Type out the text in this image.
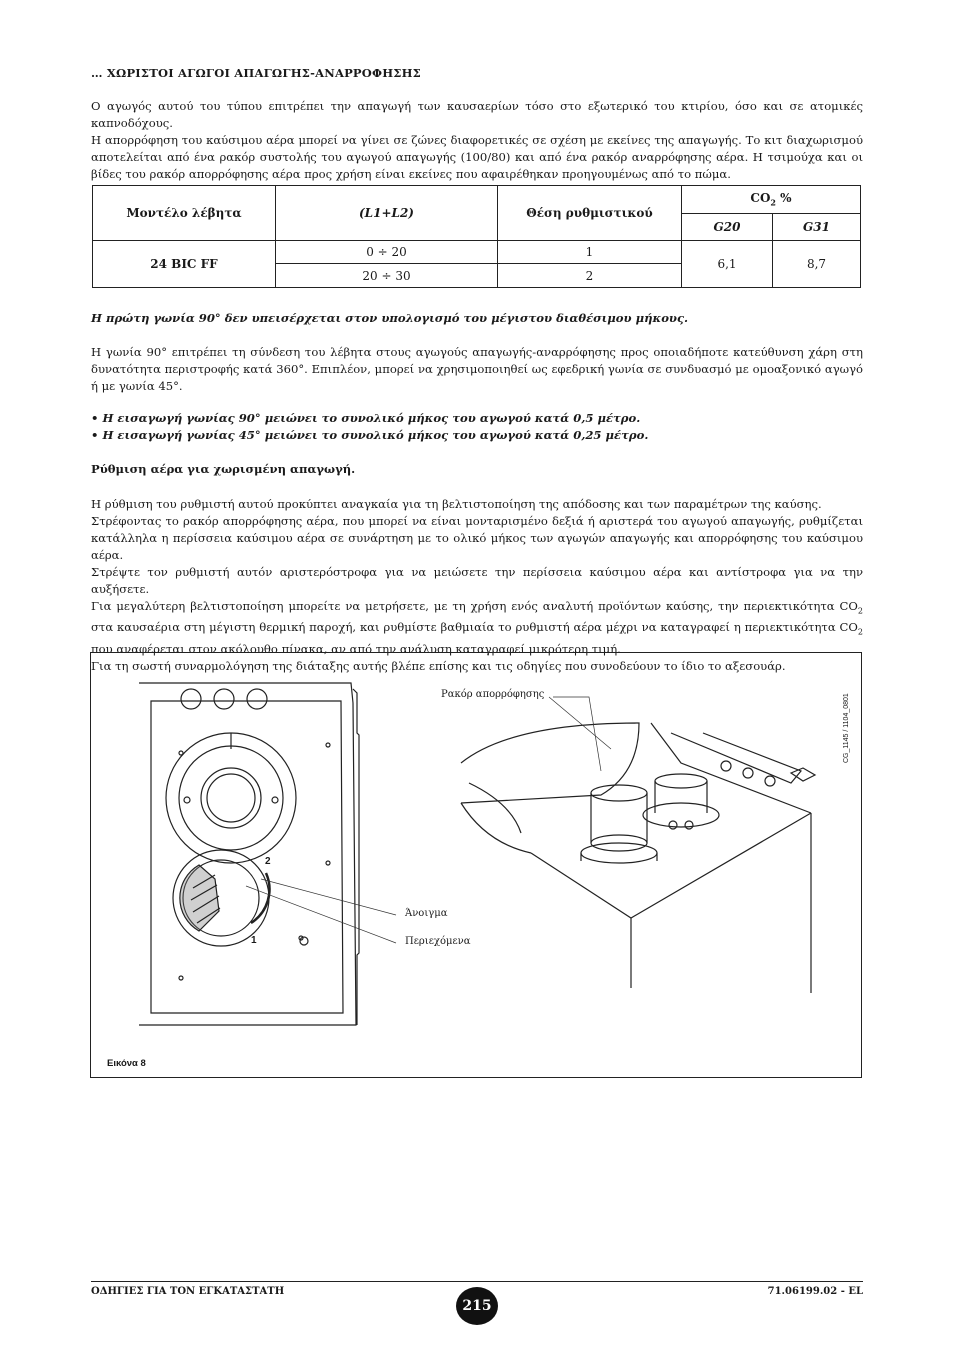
… ΧΩΡΙΣΤΟΙ ΑΓΩΓΟΙ ΑΠΑΓΩΓΗΣ-ΑΝΑΡΡΟΦΗΣΗΣ

Ο αγωγός αυτού του τύπου επιτρέπει την απαγωγή των καυσαερίων τόσο στο εξωτερικό του κτιρίου, όσο και σε ατομικές καπνοδόχους.

Η απορρόφηση του καύσιμου αέρα μπορεί να γίνει σε ζώνες διαφορετικές σε σχέση με εκείνες της απαγωγής. Το κιτ διαχωρισμού αποτελείται από ένα ρακόρ συστολής του αγωγού απαγωγής (100/80) και από ένα ρακόρ αναρρόφησης αέρα. Η τσιμούχα και οι βίδες του ρακόρ απορρόφησης αέρα προς χρήση είναι εκείνες που αφαιρέθηκαν προηγουμένως από το πώμα.

Μοντέλο λέβητα	(L1+L2)	Θέση ρυθμιστικού	$CO_2$ %	
			G20	G31
24 BIC FF	0 ÷ 20	1	6,1	8,7
	20 ÷ 30	2		
Η πρώτη γωνία 90° δεν υπεισέρχεται στον υπολογισμό του μέγιστου διαθέσιμου μήκους.
Η γωνία 90° επιτρέπει τη σύνδεση του λέβητα στους αγωγούς απαγωγής-αναρρόφησης προς οποιαδήποτε κατεύθυνση χάρη στη δυνατότητα περιστροφής κατά 360°. Επιπλέον, μπορεί να χρησιμοποιηθεί ως εφεδρική γωνία σε συνδυασμό με ομοαξονικό αγωγό ή με γωνία 45°.

• Η εισαγωγή γωνίας 90° μειώνει το συνολικό μήκος του αγωγού κατά 0,5 μέτρο.

• Η εισαγωγή γωνίας 45° μειώνει το συνολικό μήκος του αγωγού κατά 0,25 μέτρο.

Ρύθμιση αέρα για χωρισμένη απαγωγή.

Η ρύθμιση του ρυθμιστή αυτού προκύπτει αναγκαία για τη βελτιστοποίηση της απόδοσης και των παραμέτρων της καύσης.

Στρέφοντας το ρακόρ απορρόφησης αέρα, που μπορεί να είναι μονταρισμένο δεξιά ή αριστερά του αγωγού απαγωγής, ρυθμίζεται κατάλληλα η περίσσεια καύσιμου αέρα σε συνάρτηση με το ολικό μήκος των αγωγών απαγωγής και απορρόφησης του καύσιμου αέρα.

Στρέψτε τον ρυθμιστή αυτόν αριστερόστροφα για να μειώσετε την περίσσεια καύσιμου αέρα και αντίστροφα για να την αυξήσετε.

Για μεγαλύτερη βελτιστοποίηση μπορείτε να μετρήσετε, με τη χρήση ενός αναλυτή προϊόντων καύσης, την περιεκτικότητα $CO_2$ στα καυσαέρια στη μέγιστη θερμική παροχή, και ρυθμίστε βαθμιαία το ρυθμιστή αέρα μέχρι να καταγραφεί η περιεκτικότητα $CO_2$ που αναφέρεται στον ακόλουθο πίνακα, αν από την ανάλυση καταγραφεί μικρότερη τιμή.

Για τη σωστή συναρμολόγηση της διάταξης αυτής βλέπε επίσης και τις οδηγίες που συνοδεύουν το ίδιο το αξεσουάρ.

Ρακόρ απορρόφησης
Άνοιγμα
Περιεχόμενα
2
1
CG_1145 / 1104_0801
Εικόνα 8
ΟΔΗΓΙΕΣ ΓΙΑ ΤΟΝ ΕΓΚΑΤΑΣΤΑΤΗ
215
71.06199.02 - EL
